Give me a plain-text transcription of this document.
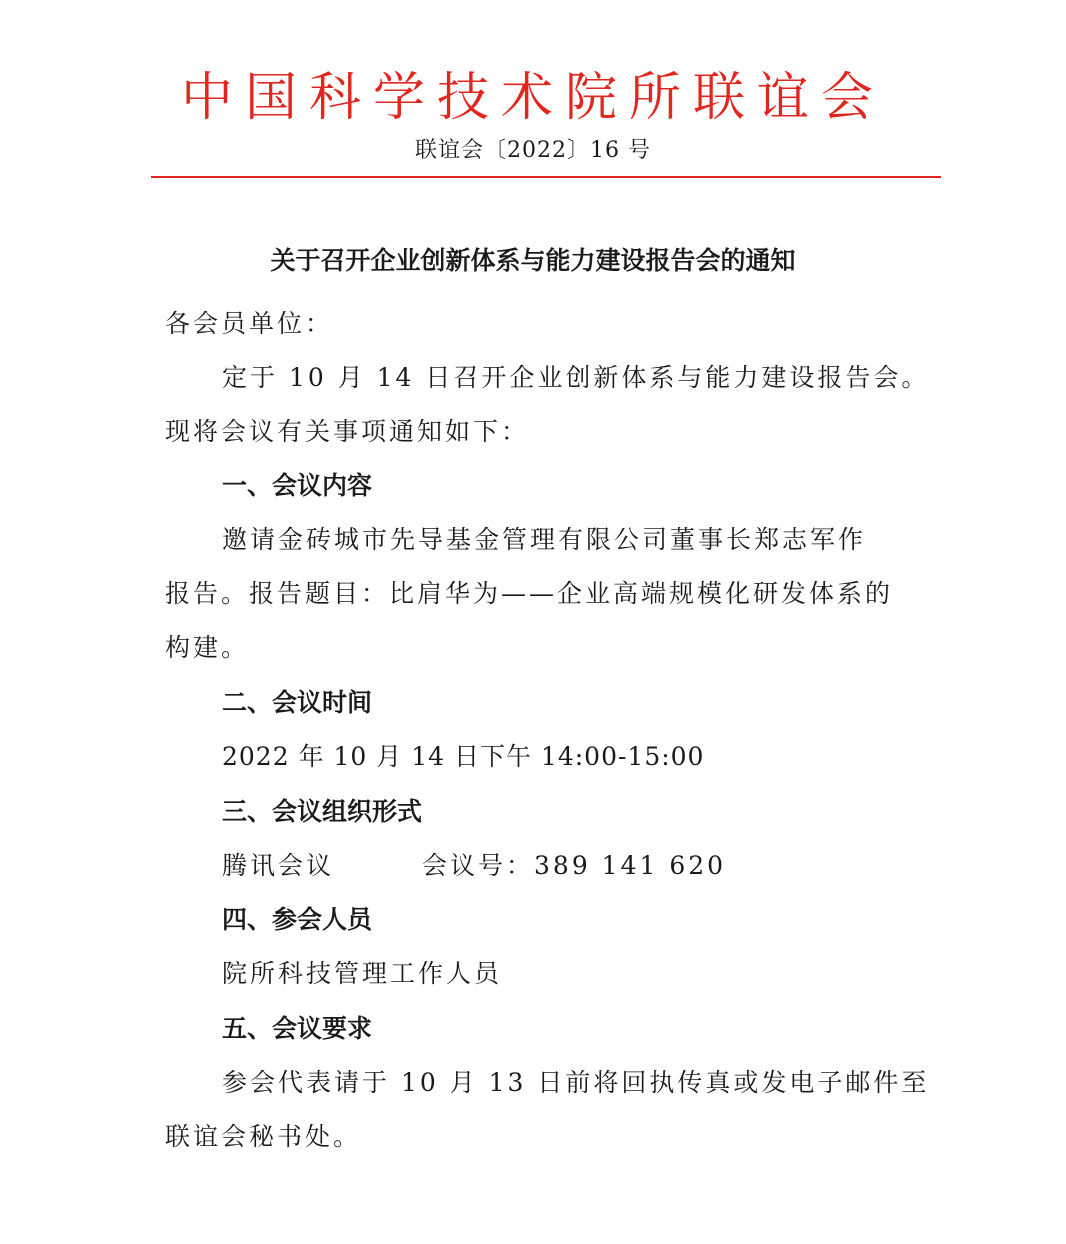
中国科学技术院所联谊会
联谊会〔2022〕16 号
关于召开企业创新体系与能力建设报告会的通知
各会员单位：
定于 10 月 14 日召开企业创新体系与能力建设报告会。
现将会议有关事项通知如下：
一、会议内容
邀请金砖城市先导基金管理有限公司董事长郑志军作
报告。报告题目：比肩华为——企业高端规模化研发体系的
构建。
二、会议时间
2022 年 10 月 14 日下午 14:00-15:00
三、会议组织形式
腾讯会议	会议号：389 141 620
四、参会人员
院所科技管理工作人员
五、会议要求
参会代表请于 10 月 13 日前将回执传真或发电子邮件至
联谊会秘书处。
